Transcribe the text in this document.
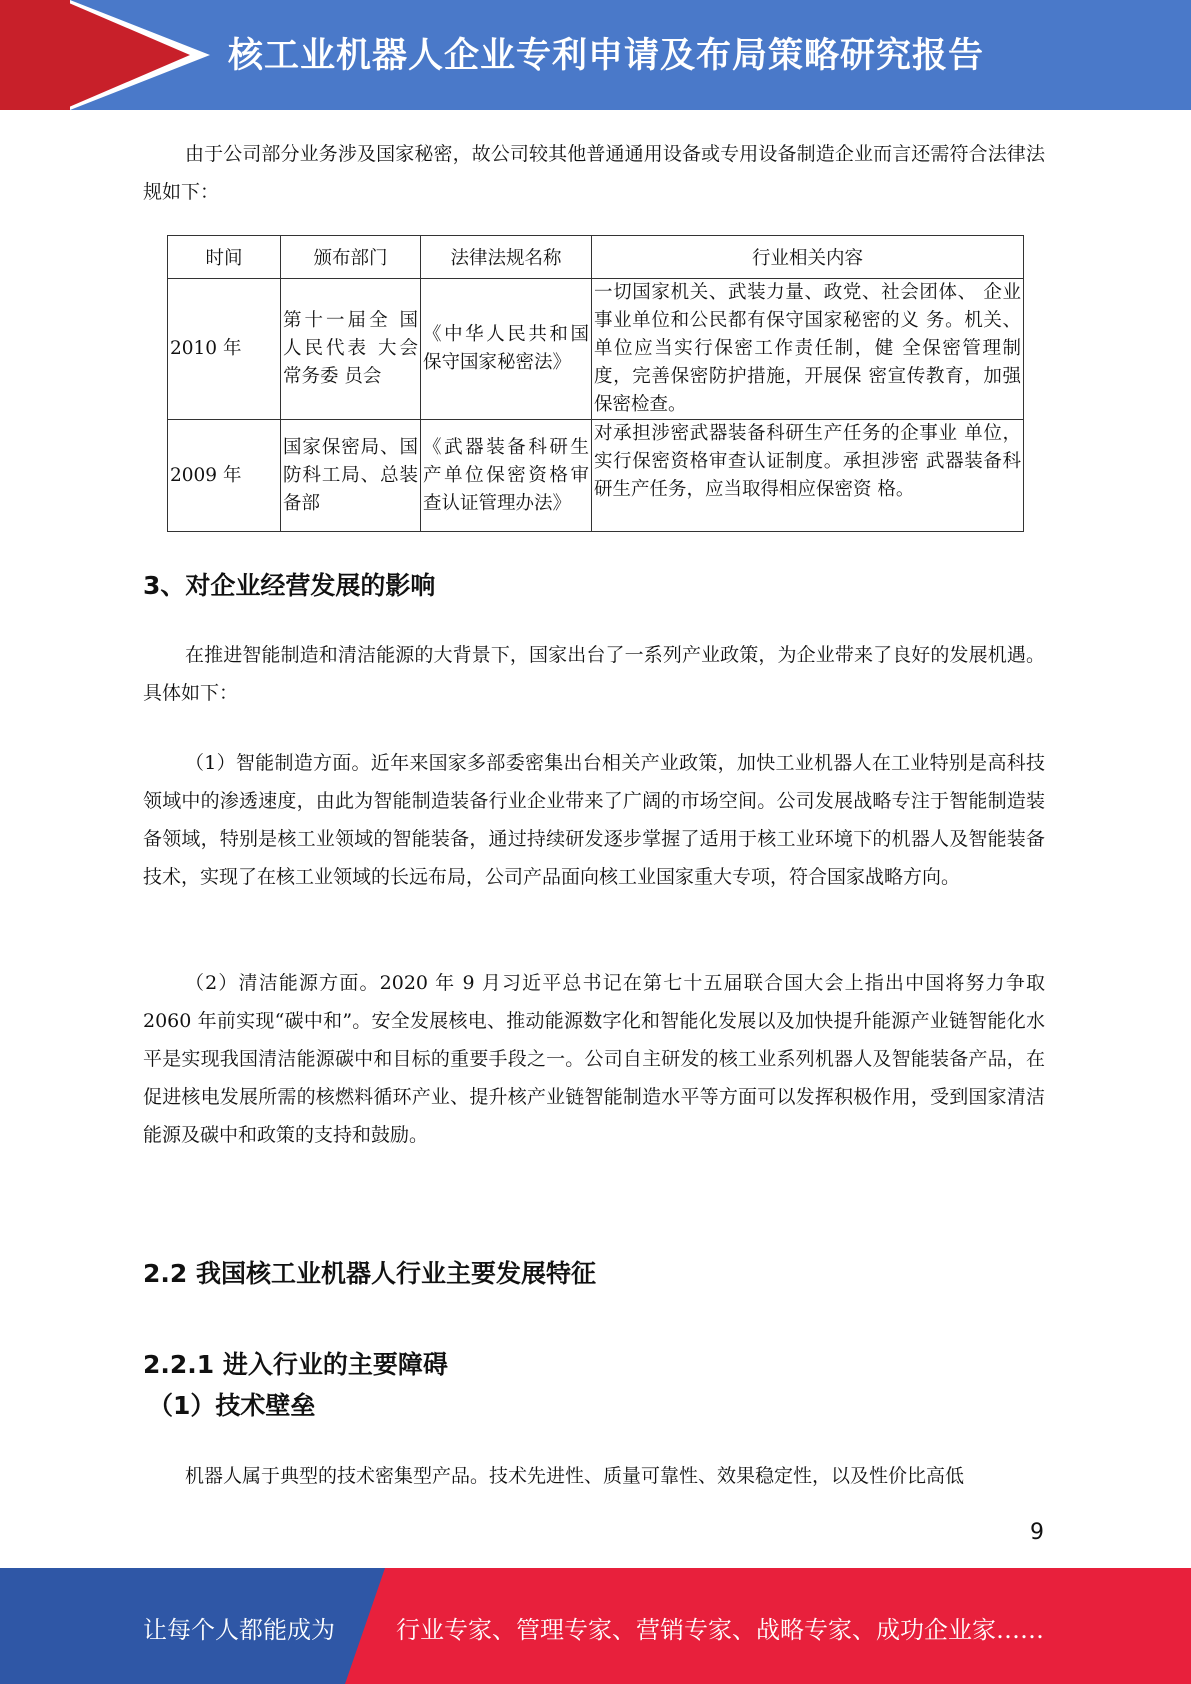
核工业机器人企业专利申请及布局策略研究报告

由于公司部分业务涉及国家秘密，故公司较其他普通通用设备或专用设备制造企业而言还需符合法律法规如下：

时间	颁布部门	法律法规名称	行业相关内容
2010 年	第十一届全 国人民代表 大会常务委 员会	《中华人民共和国保守国家秘密法》	一切国家机关、武装力量、政党、社会团体、 企业事业单位和公民都有保守国家秘密的义 务。机关、单位应当实行保密工作责任制，健 全保密管理制度，完善保密防护措施，开展保 密宣传教育，加强保密检查。
2009 年	国家保密局、国防科工局、总装备部	《武器装备科研生产单位保密资格审查认证管理办法》	对承担涉密武器装备科研生产任务的企事业 单位，实行保密资格审查认证制度。承担涉密 武器装备科研生产任务，应当取得相应保密资 格。
3、对企业经营发展的影响

在推进智能制造和清洁能源的大背景下，国家出台了一系列产业政策，为企业带来了良好的发展机遇。具体如下：

（1）智能制造方面。近年来国家多部委密集出台相关产业政策，加快工业机器人在工业特别是高科技领域中的渗透速度，由此为智能制造装备行业企业带来了广阔的市场空间。公司发展战略专注于智能制造装备领域，特别是核工业领域的智能装备，通过持续研发逐步掌握了适用于核工业环境下的机器人及智能装备技术，实现了在核工业领域的长远布局，公司产品面向核工业国家重大专项，符合国家战略方向。

（2）清洁能源方面。2020 年 9 月习近平总书记在第七十五届联合国大会上指出中国将努力争取 2060 年前实现“碳中和”。安全发展核电、推动能源数字化和智能化发展以及加快提升能源产业链智能化水平是实现我国清洁能源碳中和目标的重要手段之一。公司自主研发的核工业系列机器人及智能装备产品，在促进核电发展所需的核燃料循环产业、提升核产业链智能制造水平等方面可以发挥积极作用，受到国家清洁能源及碳中和政策的支持和鼓励。

2.2 我国核工业机器人行业主要发展特征
2.2.1 进入行业的主要障碍
（1）技术壁垒

机器人属于典型的技术密集型产品。技术先进性、质量可靠性、效果稳定性，以及性价比高低

9
让每个人都能成为	行业专家、管理专家、营销专家、战略专家、成功企业家……
